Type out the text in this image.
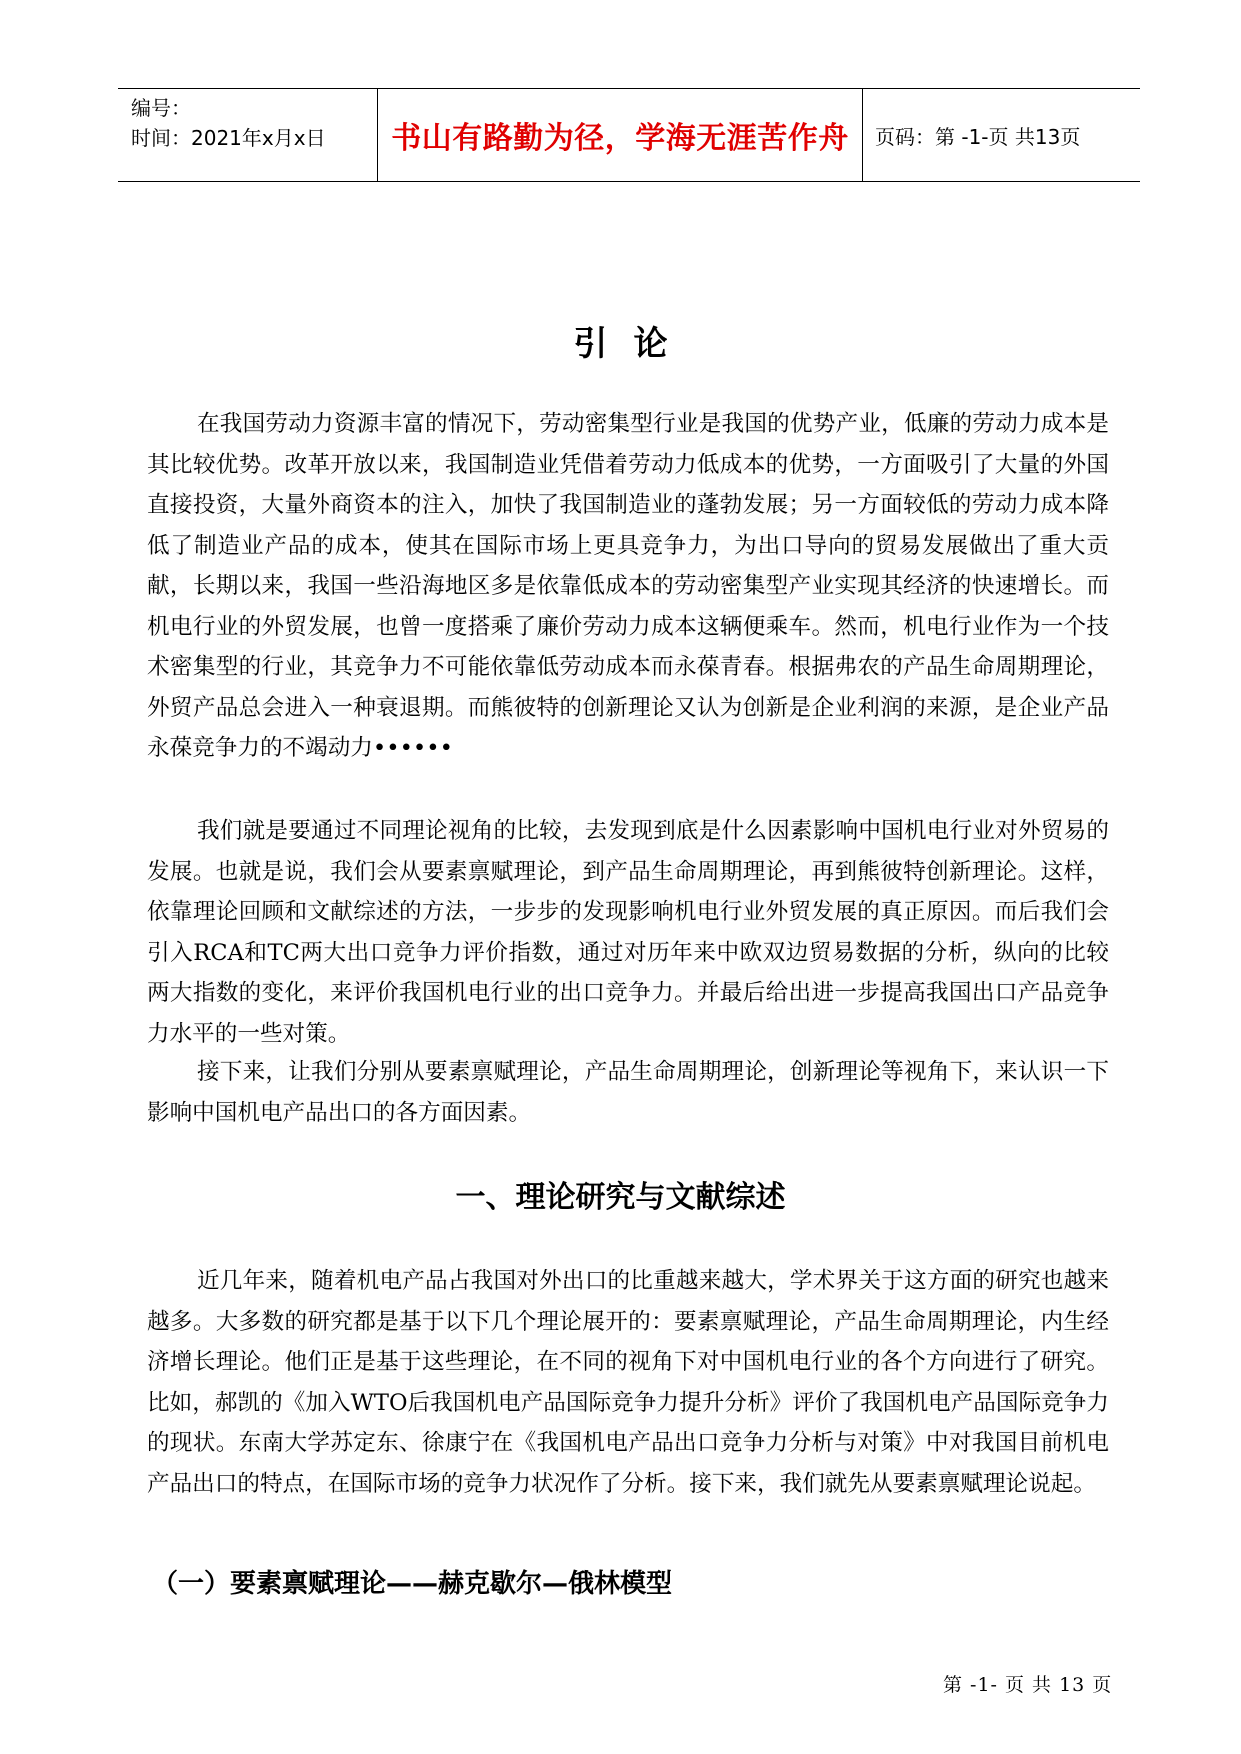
编号：
时间：2021年x月x日	书山有路勤为径，学海无涯苦作舟	页码：第 -1-页 共13页
引论

在我国劳动力资源丰富的情况下，劳动密集型行业是我国的优势产业，低廉的劳动力成本是其比较优势。改革开放以来，我国制造业凭借着劳动力低成本的优势，一方面吸引了大量的外国直接投资，大量外商资本的注入，加快了我国制造业的蓬勃发展；另一方面较低的劳动力成本降低了制造业产品的成本，使其在国际市场上更具竞争力，为出口导向的贸易发展做出了重大贡献，长期以来，我国一些沿海地区多是依靠低成本的劳动密集型产业实现其经济的快速增长。而机电行业的外贸发展，也曾一度搭乘了廉价劳动力成本这辆便乘车。然而，机电行业作为一个技术密集型的行业，其竞争力不可能依靠低劳动成本而永葆青春。根据弗农的产品生命周期理论，外贸产品总会进入一种衰退期。而熊彼特的创新理论又认为创新是企业利润的来源，是企业产品永葆竞争力的不竭动力••••••

我们就是要通过不同理论视角的比较，去发现到底是什么因素影响中国机电行业对外贸易的发展。也就是说，我们会从要素禀赋理论，到产品生命周期理论，再到熊彼特创新理论。这样，依靠理论回顾和文献综述的方法，一步步的发现影响机电行业外贸发展的真正原因。而后我们会引入RCA和TC两大出口竞争力评价指数，通过对历年来中欧双边贸易数据的分析，纵向的比较两大指数的变化，来评价我国机电行业的出口竞争力。并最后给出进一步提高我国出口产品竞争力水平的一些对策。

接下来，让我们分别从要素禀赋理论，产品生命周期理论，创新理论等视角下，来认识一下影响中国机电产品出口的各方面因素。

一、理论研究与文献综述

近几年来，随着机电产品占我国对外出口的比重越来越大，学术界关于这方面的研究也越来越多。大多数的研究都是基于以下几个理论展开的：要素禀赋理论，产品生命周期理论，内生经济增长理论。他们正是基于这些理论，在不同的视角下对中国机电行业的各个方向进行了研究。比如，郝凯的《加入WTO后我国机电产品国际竞争力提升分析》评价了我国机电产品国际竞争力的现状。东南大学苏定东、徐康宁在《我国机电产品出口竞争力分析与对策》中对我国目前机电产品出口的特点，在国际市场的竞争力状况作了分析。接下来，我们就先从要素禀赋理论说起。

（一）要素禀赋理论——赫克歇尔—俄林模型
第 -1- 页 共 13 页
